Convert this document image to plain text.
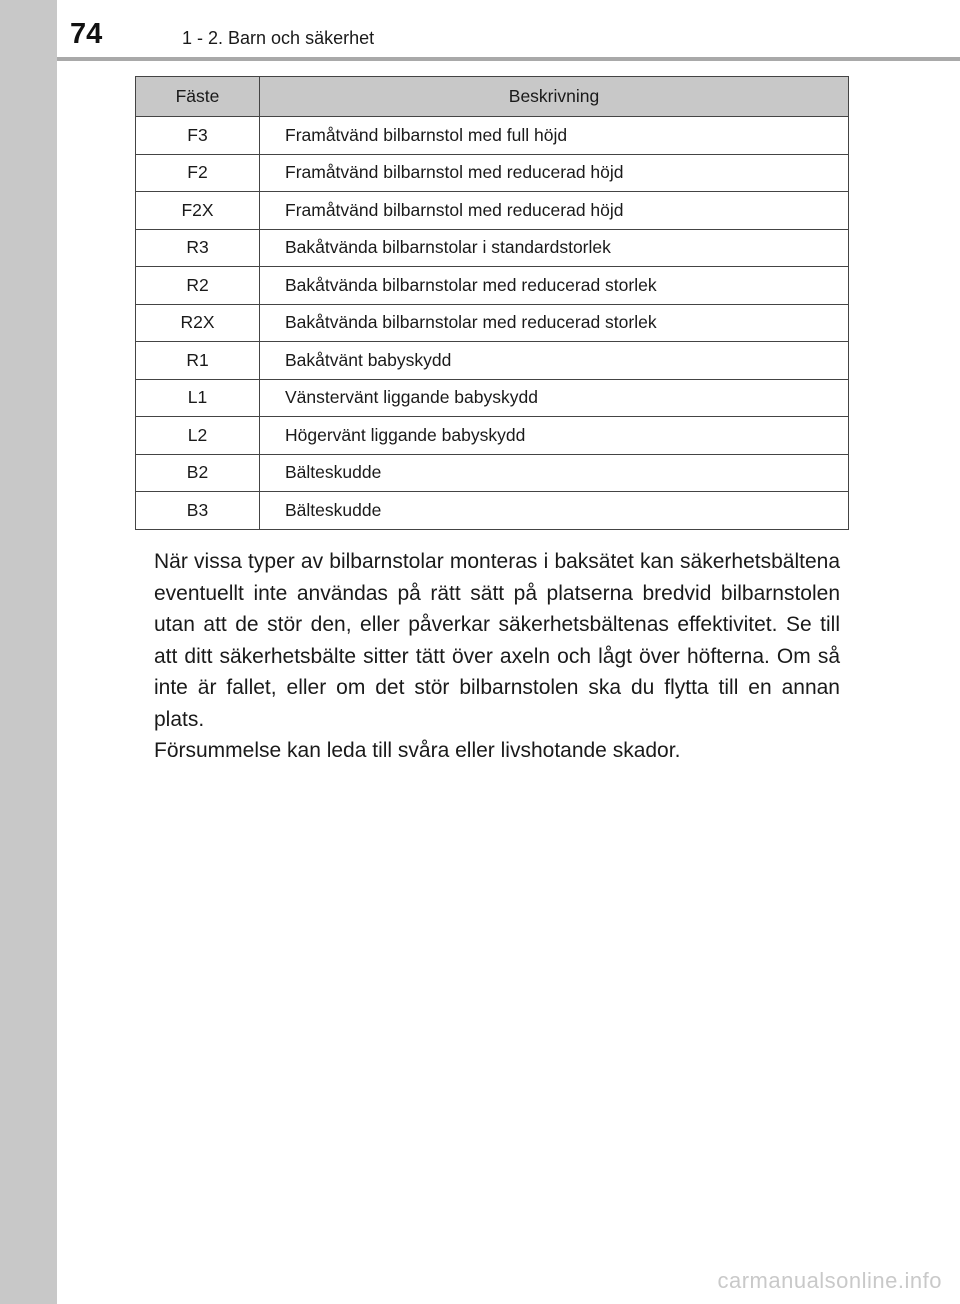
74	1 - 2. Barn och säkerhet
Fäste	Beskrivning
F3	Framåtvänd bilbarnstol med full höjd
F2	Framåtvänd bilbarnstol med reducerad höjd
F2X	Framåtvänd bilbarnstol med reducerad höjd
R3	Bakåtvända bilbarnstolar i standardstorlek
R2	Bakåtvända bilbarnstolar med reducerad storlek
R2X	Bakåtvända bilbarnstolar med reducerad storlek
R1	Bakåtvänt babyskydd
L1	Vänstervänt liggande babyskydd
L2	Högervänt liggande babyskydd
B2	Bälteskudde
B3	Bälteskudde

När vissa typer av bilbarnstolar monteras i baksätet kan säkerhetsbältena eventuellt inte användas på rätt sätt på platserna bredvid bilbarnstolen utan att de stör den, eller påverkar säkerhetsbältenas effektivitet. Se till att ditt säkerhetsbälte sitter tätt över axeln och lågt över höfterna. Om så inte är fallet, eller om det stör bilbarnstolen ska du flytta till en annan plats.

Försummelse kan leda till svåra eller livshotande skador.

carmanualsonline.info
